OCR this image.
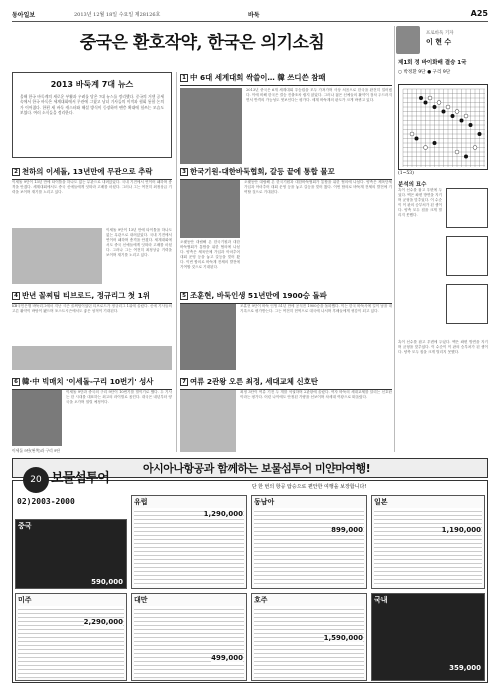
동아일보	2013년 12월 18일 수요일 제28126호	바둑	A25
중국은 환호작약, 한국은 의기소침	프로바둑 기자
이 현 수
2013 바둑계 7대 뉴스
올해 한국 바둑계의 새로운 부활과 우려를 담은 7대 뉴스를 정리했다. 중국의 거센 공세 속에서 한국 바둑은 세계대회에서 무관에 그쳤고 남녀 기사들의 이적과 협회 통합 논의가 이어졌다. 한편 새 바둑 캐스터와 해설 방식이 등장하며 팬층 확대에 힘쓰는 모습도 보였다. 여러 소식들을 정리한다.
1 中 6대 세계대회 싹쓸이… 韓 쓰디쓴 참패
2013년 중국은 6개 세계대회 우승컵을 모두 가져가며 사상 처음으로 한국을 완전히 밀어냈다. 이에 비해 한국은 결승 진출조차 쉽지 않았다. 그러나 젊은 신예들의 활약이 점차 두드러지면서 반격의 가능성도 엿보인다는 평가다. 세계 바둑계의 판도가 크게 바뀌고 있다.
2 천하의 이세돌, 13년만에 무관으로 추락
이세돌 9단이 13년 만에 타이틀을 하나도 없는 무관으로 내려앉았다. 국내 기전에서 연이어 패하며 충격을 안겼다. 세계대회에서도 중국 신예들에게 잇따라 고배를 마셨다. 그러나 그는 여전히 최정상급 기력을 보이며 재기를 노리고 있다.
이세돌 9단이 13년 만에 타이틀을 하나도 없는 무관으로 내려앉았다. 국내 기전에서 연이어 패하며 충격을 안겼다. 세계대회에서도 중국 신예들에게 잇따라 고배를 마셨다. 그러나 그는 여전히 최정상급 기력을 보이며 재기를 노리고 있다.
3 한국기원-대한바둑협회, 갈등 끝에 통합 물꼬
오랫동안 대립해 온 한국기원과 대한바둑협회가 통합을 위한 협의에 나섰다. 양측은 체육단체 가입과 아마추어 대회 운영 등을 놓고 갈등을 빚어 왔다. 이번 합의로 바둑계 전체의 발전에 기여할 것으로 기대된다.
오랫동안 대립해 온 한국기원과 대한바둑협회가 통합을 위한 협의에 나섰다. 양측은 체육단체 가입과 아마추어 대회 운영 등을 놓고 갈등을 빚어 왔다. 이번 합의로 바둑계 전체의 발전에 기여할 것으로 기대된다.
4 반년 꼴찌팀 티브로드, 정규리그 첫 1위
KB국민은행 바둑리그에서 지난 시즌 꼴찌팀이었던 티브로드가 정규리그 1위에 올랐다. 신예 기사들의 고른 활약이 바탕이 됐으며 포스트시즌에서도 좋은 성적이 기대된다.
5 조훈현, 바둑인생 51년만에 1900승 돌파
조훈현 9단이 바둑 인생 51년 만에 공식전 1900승을 돌파했다. 이는 한국 바둑사에 길이 남을 대기록으로 평가받는다. 그는 여전히 현역으로 대국에 나서며 후배들에게 귀감이 되고 있다.
6 韓·中 빅매치 '이세돌-구리 10번기' 성사
이세돌 9단(왼쪽)과 구리 9단
이세돌 9단과 중국의 구리 9단이 10번기를 벌이기로 했다. 두 기사는 한 시대를 대표하는 최고의 라이벌로 꼽힌다. 대국은 내년부터 양국을 오가며 열릴 예정이다.
7 여류 2관왕 오른 최정, 세대교체 신호탄
최정 3단이 여류 기전 두 개를 석권하며 2관왕에 올랐다. 여자 바둑의 세대교체를 알리는 신호탄이라는 평가다. 어린 나이에도 안정된 기량을 선보이며 차세대 여왕으로 떠올랐다.
제1회 정 바이화배 결승 1국
○ 박정환 9단 ● 구리 9단
(1~53)
분석의 묘수
흑이 선수를 잡고 우변에 두었다. 백은 좌변 방면을 지키며 균형을 맞추었다. 이 수순이 이 판의 승부처가 된 셈이다. 양측 모두 집을 크게 벌리지 못했다.
흑이 선수를 잡고 우변에 두었다. 백은 좌변 방면을 지키며 균형을 맞추었다. 이 수순이 이 판의 승부처가 된 셈이다. 양측 모두 집을 크게 벌리지 못했다.
아시아나항공과 함께하는 보물섬투어 미얀마여행!
20 보물섬투어
02)2003-2000
단 한 번의 항공 탑승으로 편안한 여행을 보장합니다!
중국
590,000
유럽
1,290,000
동남아
899,000
일본
1,190,000
미주
2,290,000
대만
499,000
호주
1,590,000
국내
359,000
